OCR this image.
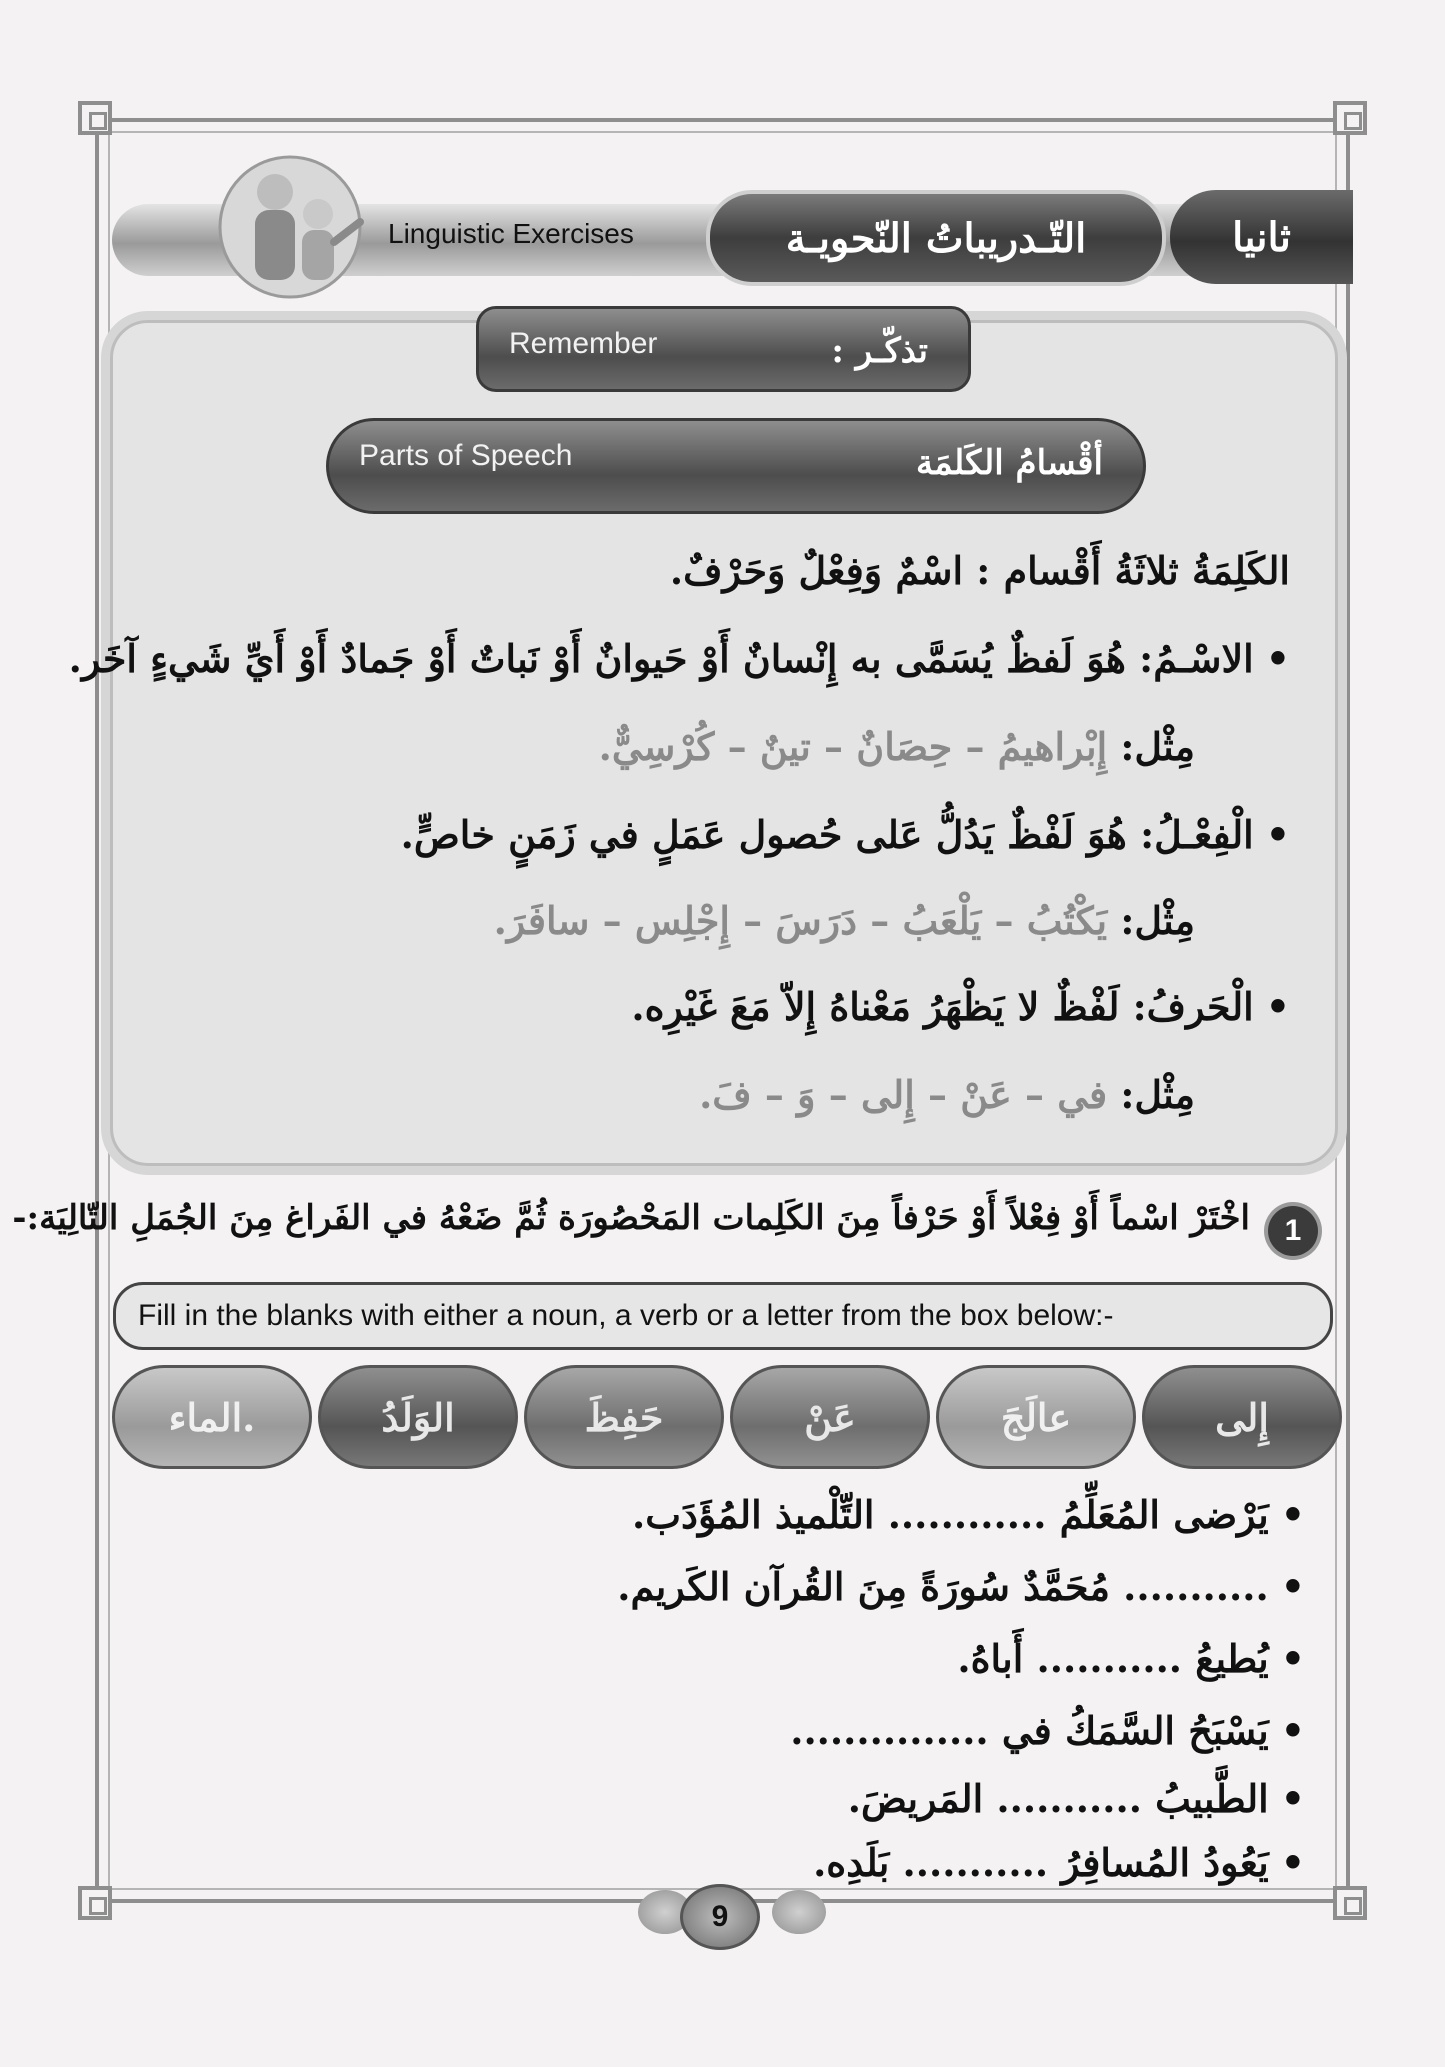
Linguistic Exercises	التّـدريباتُ النّحويـة	ثانيا
Remember	تذكّـر :
Parts of Speech	أقْسامُ الكَلمَة
الكَلِمَةُ ثلاثَةُ أَقْسام : اسْمٌ وَفِعْلٌ وَحَرْفٌ.
• الاسْـمُ: هُوَ لَفظٌ يُسَمَّى به إِنْسانٌ أَوْ حَيوانٌ أَوْ نَباتٌ أَوْ جَمادٌ أَوْ أَيِّ شَيءٍ آخَر.
مِثْل: إِبْراهيمُ – حِصَانٌ – تينٌ – كُرْسِيٌّ.
• الْفِعْـلُ: هُوَ لَفْظٌ يَدُلُّ عَلى حُصول عَمَلٍ في زَمَنٍ خاصٍّ.
مِثْل: يَكْتُبُ – يَلْعَبُ – دَرَسَ – إِجْلِس – سافَرَ.
• الْحَرفُ: لَفْظٌ لا يَظْهَرُ مَعْناهُ إِلاّ مَعَ غَيْرِه.
مِثْل: في – عَنْ – إِلى – وَ – فَ.
1
اخْتَرْ اسْماً أَوْ فِعْلاً أَوْ حَرْفاً مِنَ الكَلِمات المَحْصُورَة ثُمَّ ضَعْهُ في الفَراغ مِنَ الجُمَلِ التّالِيَة:-
Fill in the blanks with either a noun, a verb or a letter from the box below:-
إِلى
عالَجَ
عَنْ
حَفِظَ
الوَلَدُ
الماء.
• يَرْضى المُعَلِّمُ ............ التِّلْميذ المُؤَدَب.
• ........... مُحَمَّدٌ سُورَةً مِنَ القُرآن الكَريم.
• يُطيعُ ........... أَباهُ.
• يَسْبَحُ السَّمَكُ في ...............
• الطَّبيبُ ........... المَريضَ.
• يَعُودُ المُسافِرُ ........... بَلَدِه.
9
